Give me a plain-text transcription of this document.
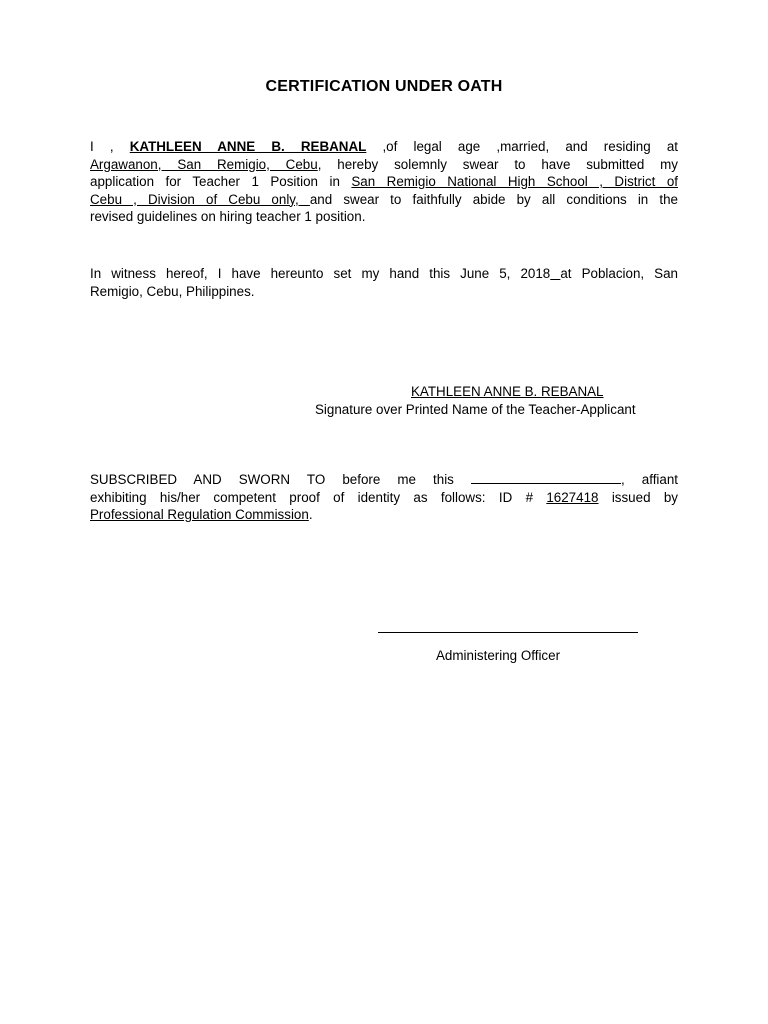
CERTIFICATION UNDER OATH
I , KATHLEEN ANNE B. REBANAL ,of legal age ,married, and residing at
Argawanon, San Remigio, Cebu, hereby solemnly swear to have submitted my
application for Teacher 1 Position in San Remigio National High School , District of
Cebu , Division of Cebu only, and swear to faithfully abide by all conditions in the
revised guidelines on hiring teacher 1 position.
In witness hereof, I have hereunto set my hand this June 5, 2018 at Poblacion, San
Remigio, Cebu, Philippines.
KATHLEEN ANNE B. REBANAL
Signature over Printed Name of the Teacher-Applicant
SUBSCRIBED AND SWORN TO before me this	, affiant
exhibiting his/her competent proof of identity as follows: ID # 1627418 issued by
Professional Regulation Commission.
Administering Officer
